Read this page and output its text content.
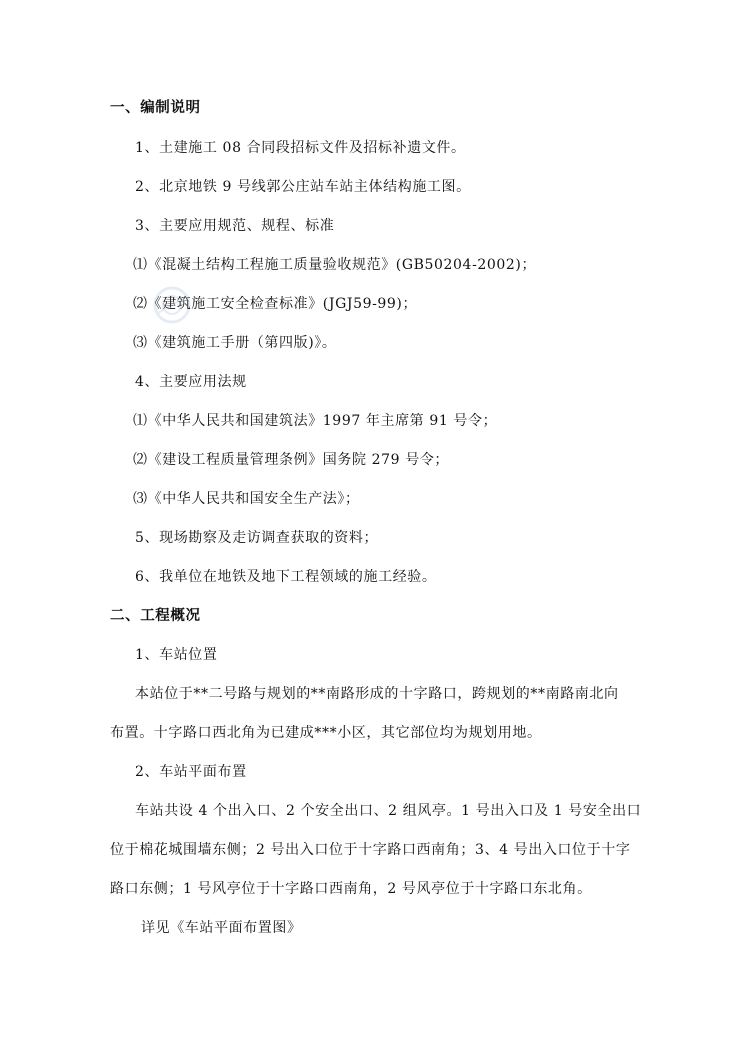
一、编制说明
1、土建施工 08 合同段招标文件及招标补遗文件。
2、北京地铁 9 号线郭公庄站车站主体结构施工图。
3、主要应用规范、规程、标准
⑴《混凝土结构工程施工质量验收规范》(GB50204-2002)；
⑵《建筑施工安全检查标准》(JGJ59-99)；
⑶《建筑施工手册（第四版)》。
4、主要应用法规
⑴《中华人民共和国建筑法》1997 年主席第 91 号令；
⑵《建设工程质量管理条例》国务院 279 号令；
⑶《中华人民共和国安全生产法》；
5、现场勘察及走访调查获取的资料；
6、我单位在地铁及地下工程领域的施工经验。
二、工程概况
1、车站位置
本站位于**二号路与规划的**南路形成的十字路口，跨规划的**南路南北向
布置。十字路口西北角为已建成***小区，其它部位均为规划用地。
2、车站平面布置
车站共设 4 个出入口、2 个安全出口、2 组风亭。1 号出入口及 1 号安全出口
位于棉花城围墙东侧；2 号出入口位于十字路口西南角；3、4 号出入口位于十字
路口东侧；1 号风亭位于十字路口西南角，2 号风亭位于十字路口东北角。
详见《车站平面布置图》
